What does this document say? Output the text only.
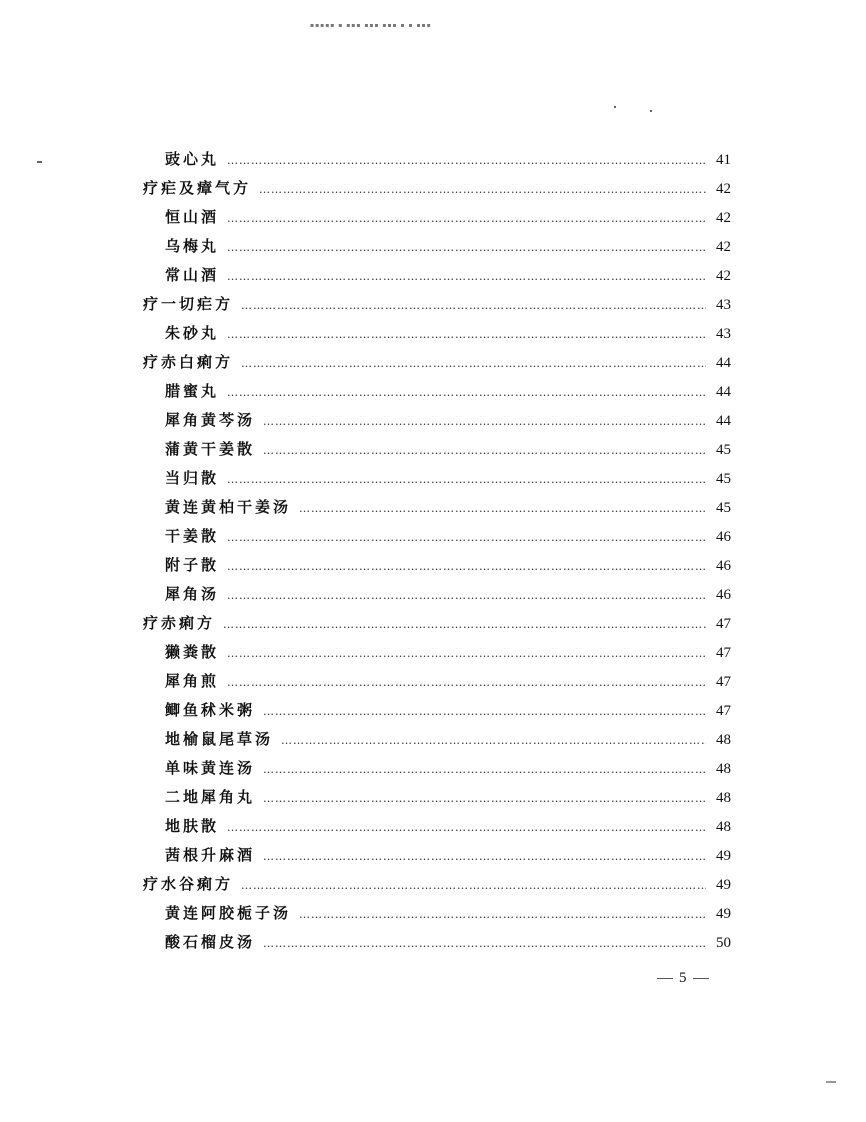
▪▪▪▪▪ ▪ ▪▪▪ ▪▪▪ ▪▪▪ ▪ ▪ ▪▪▪
豉心丸 …………………………………………………………………………………………………………………………………………………………………………………………	41
疗疟及瘴气方 …………………………………………………………………………………………………………………………………………………………………………………………	42
恒山酒 …………………………………………………………………………………………………………………………………………………………………………………………	42
乌梅丸 …………………………………………………………………………………………………………………………………………………………………………………………	42
常山酒 …………………………………………………………………………………………………………………………………………………………………………………………	42
疗一切疟方 …………………………………………………………………………………………………………………………………………………………………………………………	43
朱砂丸 …………………………………………………………………………………………………………………………………………………………………………………………	43
疗赤白痢方 …………………………………………………………………………………………………………………………………………………………………………………………	44
腊蜜丸 …………………………………………………………………………………………………………………………………………………………………………………………	44
犀角黄芩汤 …………………………………………………………………………………………………………………………………………………………………………………………	44
蒲黄干姜散 …………………………………………………………………………………………………………………………………………………………………………………………	45
当归散 …………………………………………………………………………………………………………………………………………………………………………………………	45
黄连黄柏干姜汤 …………………………………………………………………………………………………………………………………………………………………………………………	45
干姜散 …………………………………………………………………………………………………………………………………………………………………………………………	46
附子散 …………………………………………………………………………………………………………………………………………………………………………………………	46
犀角汤 …………………………………………………………………………………………………………………………………………………………………………………………	46
疗赤痢方 …………………………………………………………………………………………………………………………………………………………………………………………	47
獭粪散 …………………………………………………………………………………………………………………………………………………………………………………………	47
犀角煎 …………………………………………………………………………………………………………………………………………………………………………………………	47
鲫鱼秫米粥 …………………………………………………………………………………………………………………………………………………………………………………………	47
地榆鼠尾草汤 …………………………………………………………………………………………………………………………………………………………………………………………	48
单味黄连汤 …………………………………………………………………………………………………………………………………………………………………………………………	48
二地犀角丸 …………………………………………………………………………………………………………………………………………………………………………………………	48
地肤散 …………………………………………………………………………………………………………………………………………………………………………………………	48
茜根升麻酒 …………………………………………………………………………………………………………………………………………………………………………………………	49
疗水谷痢方 …………………………………………………………………………………………………………………………………………………………………………………………	49
黄连阿胶栀子汤 …………………………………………………………………………………………………………………………………………………………………………………………	49
酸石榴皮汤 …………………………………………………………………………………………………………………………………………………………………………………………	50
5
